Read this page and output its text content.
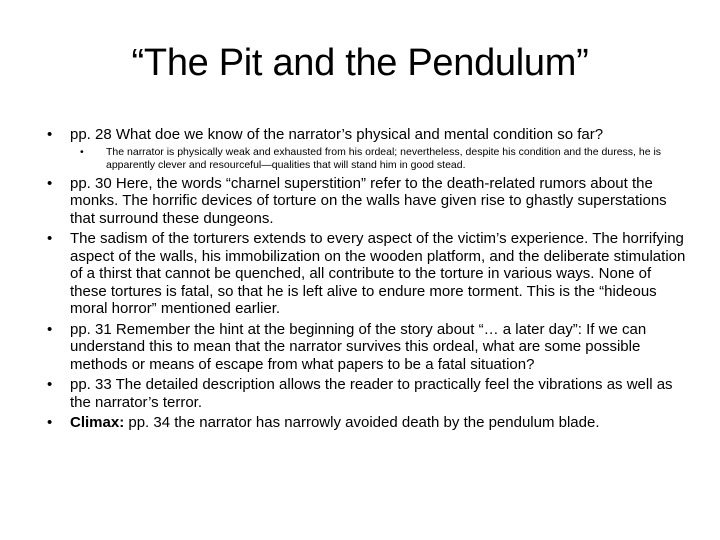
“The Pit and the Pendulum”
•	pp. 28 What doe we know of the narrator’s physical and mental condition so far?
• The narrator is physically weak and exhausted from his ordeal; nevertheless, despite his condition and the duress, he is apparently clever and resourceful—qualities that will stand him in good stead.
•	pp. 30 Here, the words “charnel superstition” refer to the death-related rumors about the monks. The horrific devices of torture on the walls have given rise to ghastly superstations that surround these dungeons.
•	The sadism of the torturers extends to every aspect of the victim’s experience. The horrifying aspect of the walls, his immobilization on the wooden platform, and the deliberate stimulation of a thirst that cannot be quenched, all contribute to the torture in various ways. None of these tortures is fatal, so that he is left alive to endure more torment. This is the “hideous moral horror” mentioned earlier.
•	pp. 31 Remember the hint at the beginning of the story about “… a later day”: If we can understand this to mean that the narrator survives this ordeal, what are some possible methods or means of escape from what papers to be a fatal situation?
•	pp. 33 The detailed description allows the reader to practically feel the vibrations as well as the narrator’s terror.
•	Climax: pp. 34 the narrator has narrowly avoided death by the pendulum blade.
